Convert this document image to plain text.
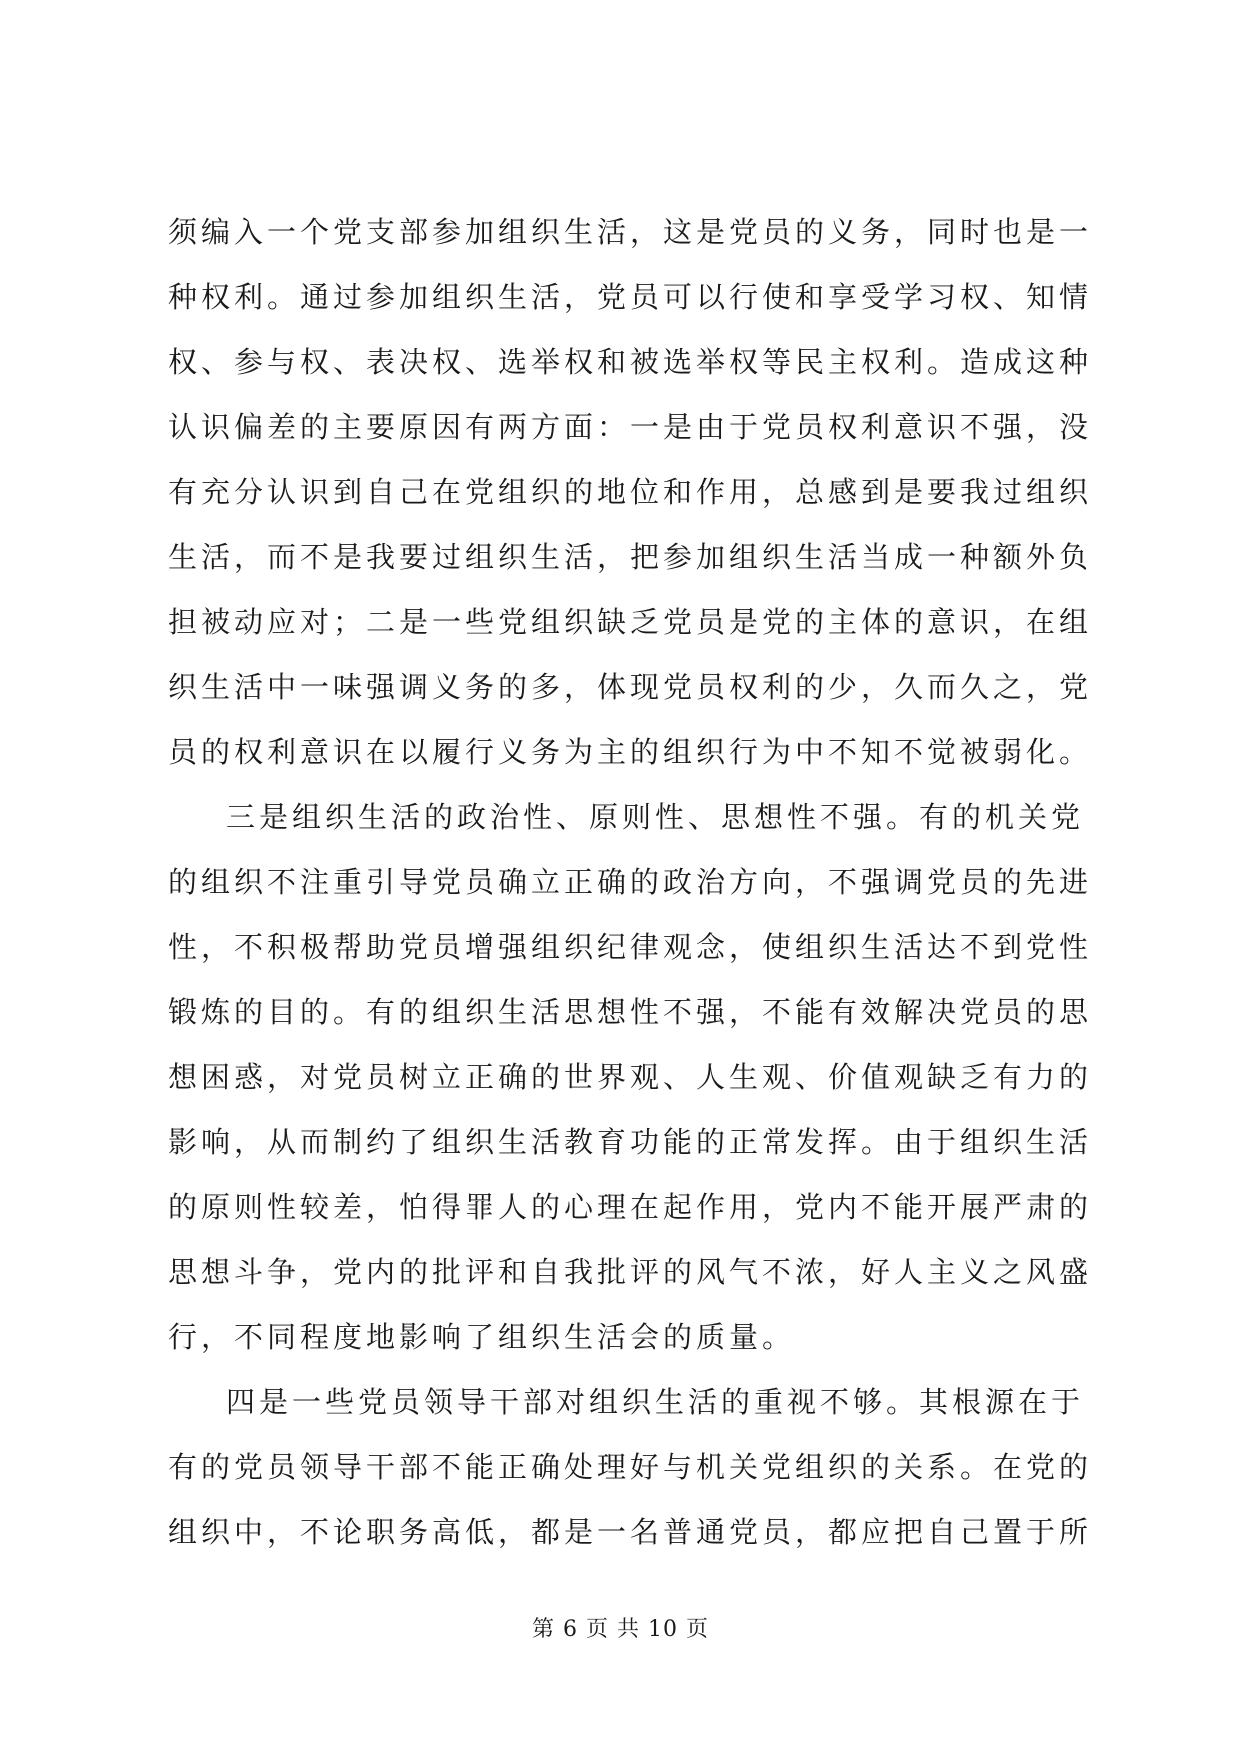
须编入一个党支部参加组织生活，这是党员的义务，同时也是一
种权利。通过参加组织生活，党员可以行使和享受学习权、知情
权、参与权、表决权、选举权和被选举权等民主权利。造成这种
认识偏差的主要原因有两方面：一是由于党员权利意识不强，没
有充分认识到自己在党组织的地位和作用，总感到是要我过组织
生活，而不是我要过组织生活，把参加组织生活当成一种额外负
担被动应对；二是一些党组织缺乏党员是党的主体的意识，在组
织生活中一味强调义务的多，体现党员权利的少，久而久之，党
员的权利意识在以履行义务为主的组织行为中不知不觉被弱化。
三是组织生活的政治性、原则性、思想性不强。有的机关党
的组织不注重引导党员确立正确的政治方向，不强调党员的先进
性，不积极帮助党员增强组织纪律观念，使组织生活达不到党性
锻炼的目的。有的组织生活思想性不强，不能有效解决党员的思
想困惑，对党员树立正确的世界观、人生观、价值观缺乏有力的
影响，从而制约了组织生活教育功能的正常发挥。由于组织生活
的原则性较差，怕得罪人的心理在起作用，党内不能开展严肃的
思想斗争，党内的批评和自我批评的风气不浓，好人主义之风盛
行，不同程度地影响了组织生活会的质量。
四是一些党员领导干部对组织生活的重视不够。其根源在于
有的党员领导干部不能正确处理好与机关党组织的关系。在党的
组织中，不论职务高低，都是一名普通党员，都应把自己置于所
第 6 页 共 10 页
